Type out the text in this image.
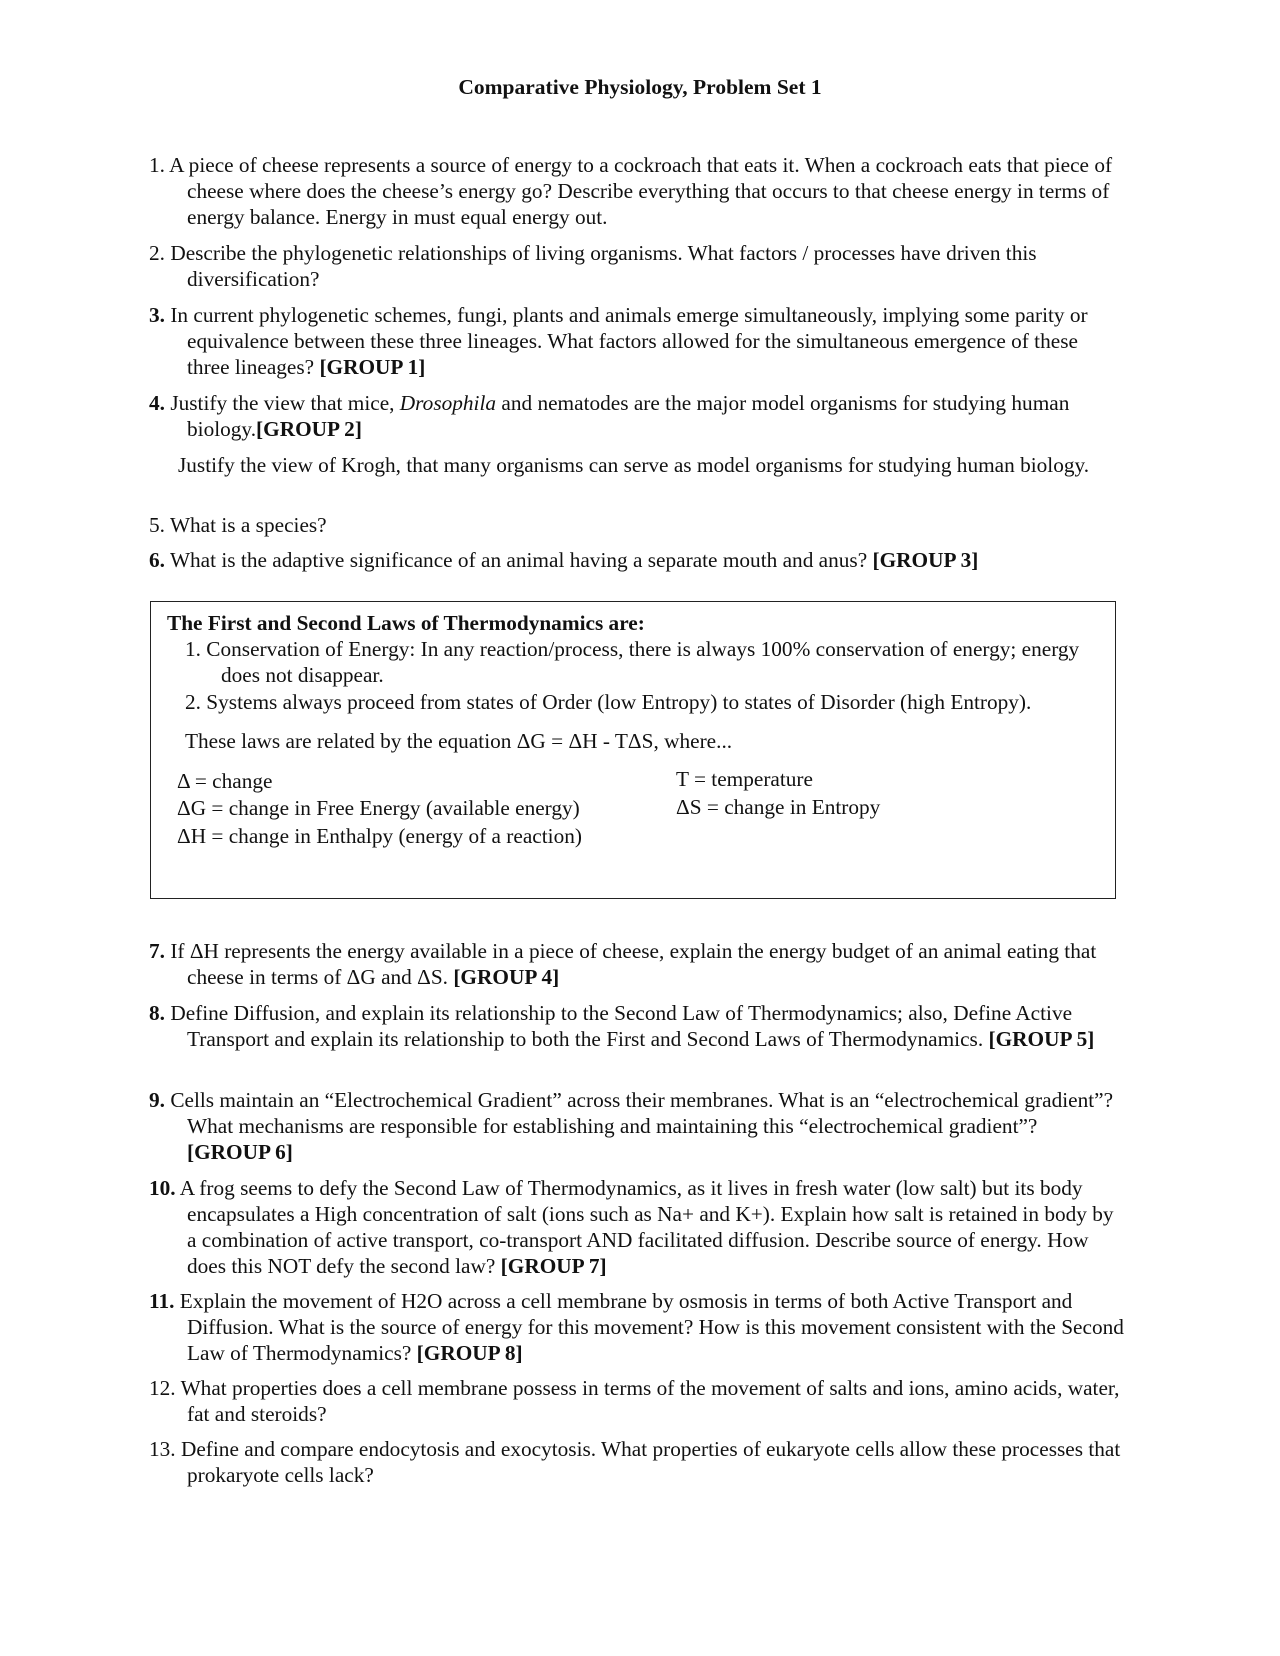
Comparative Physiology, Problem Set 1
1. A piece of cheese represents a source of energy to a cockroach that eats it. When a cockroach eats that piece of cheese where does the cheese’s energy go? Describe everything that occurs to that cheese energy in terms of energy balance. Energy in must equal energy out.
2. Describe the phylogenetic relationships of living organisms. What factors / processes have driven this diversification?
3. In current phylogenetic schemes, fungi, plants and animals emerge simultaneously, implying some parity or equivalence between these three lineages. What factors allowed for the simultaneous emergence of these three lineages? [GROUP 1]
4. Justify the view that mice, Drosophila and nematodes are the major model organisms for studying human biology.[GROUP 2]
Justify the view of Krogh, that many organisms can serve as model organisms for studying human biology.
5. What is a species?
6. What is the adaptive significance of an animal having a separate mouth and anus? [GROUP 3]
The First and Second Laws of Thermodynamics are:
1. Conservation of Energy: In any reaction/process, there is always 100% conservation of energy; energy does not disappear.
2. Systems always proceed from states of Order (low Entropy) to states of Disorder (high Entropy).
These laws are related by the equation ΔG = ΔH - TΔS, where...
Δ = change
ΔG = change in Free Energy (available energy)
ΔH = change in Enthalpy (energy of a reaction)
T = temperature
ΔS = change in Entropy
7. If ΔH represents the energy available in a piece of cheese, explain the energy budget of an animal eating that cheese in terms of ΔG and ΔS. [GROUP 4]
8. Define Diffusion, and explain its relationship to the Second Law of Thermodynamics; also, Define Active Transport and explain its relationship to both the First and Second Laws of Thermodynamics. [GROUP 5]
9. Cells maintain an “Electrochemical Gradient” across their membranes. What is an “electrochemical gradient”? What mechanisms are responsible for establishing and maintaining this “electrochemical gradient”? [GROUP 6]
10. A frog seems to defy the Second Law of Thermodynamics, as it lives in fresh water (low salt) but its body encapsulates a High concentration of salt (ions such as Na+ and K+). Explain how salt is retained in body by a combination of active transport, co-transport AND facilitated diffusion. Describe source of energy. How does this NOT defy the second law? [GROUP 7]
11. Explain the movement of H2O across a cell membrane by osmosis in terms of both Active Transport and Diffusion. What is the source of energy for this movement? How is this movement consistent with the Second Law of Thermodynamics? [GROUP 8]
12. What properties does a cell membrane possess in terms of the movement of salts and ions, amino acids, water, fat and steroids?
13. Define and compare endocytosis and exocytosis. What properties of eukaryote cells allow these processes that prokaryote cells lack?
